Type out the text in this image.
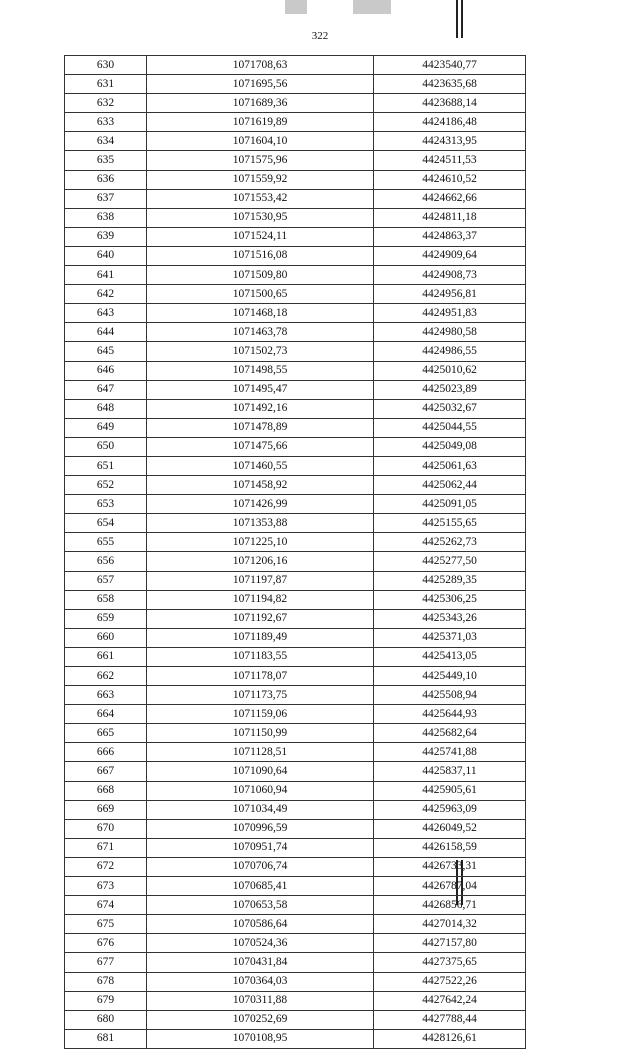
322
630	1071708,63	4423540,77
631	1071695,56	4423635,68
632	1071689,36	4423688,14
633	1071619,89	4424186,48
634	1071604,10	4424313,95
635	1071575,96	4424511,53
636	1071559,92	4424610,52
637	1071553,42	4424662,66
638	1071530,95	4424811,18
639	1071524,11	4424863,37
640	1071516,08	4424909,64
641	1071509,80	4424908,73
642	1071500,65	4424956,81
643	1071468,18	4424951,83
644	1071463,78	4424980,58
645	1071502,73	4424986,55
646	1071498,55	4425010,62
647	1071495,47	4425023,89
648	1071492,16	4425032,67
649	1071478,89	4425044,55
650	1071475,66	4425049,08
651	1071460,55	4425061,63
652	1071458,92	4425062,44
653	1071426,99	4425091,05
654	1071353,88	4425155,65
655	1071225,10	4425262,73
656	1071206,16	4425277,50
657	1071197,87	4425289,35
658	1071194,82	4425306,25
659	1071192,67	4425343,26
660	1071189,49	4425371,03
661	1071183,55	4425413,05
662	1071178,07	4425449,10
663	1071173,75	4425508,94
664	1071159,06	4425644,93
665	1071150,99	4425682,64
666	1071128,51	4425741,88
667	1071090,64	4425837,11
668	1071060,94	4425905,61
669	1071034,49	4425963,09
670	1070996,59	4426049,52
671	1070951,74	4426158,59
672	1070706,74	4426733,31
673	1070685,41	4426787,04
674	1070653,58	4426856,71
675	1070586,64	4427014,32
676	1070524,36	4427157,80
677	1070431,84	4427375,65
678	1070364,03	4427522,26
679	1070311,88	4427642,24
680	1070252,69	4427788,44
681	1070108,95	4428126,61
